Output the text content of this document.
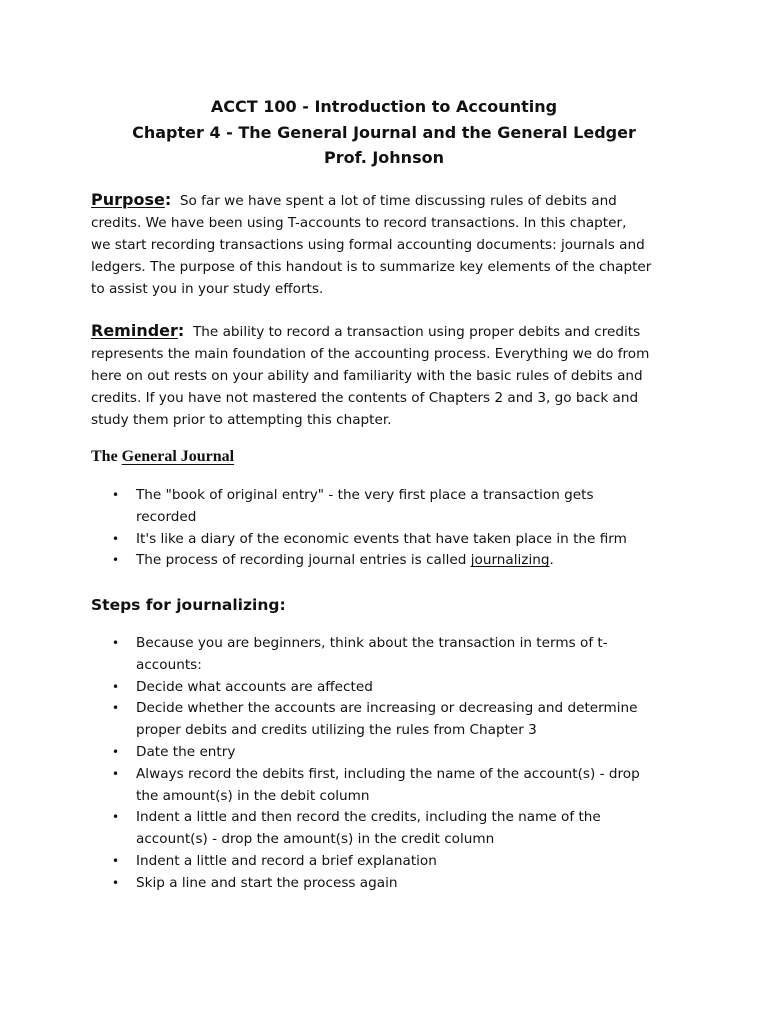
ACCT 100 - Introduction to Accounting
Chapter 4 - The General Journal and the General Ledger
Prof. Johnson
Purpose: So far we have spent a lot of time discussing rules of debits and
credits. We have been using T-accounts to record transactions. In this chapter,
we start recording transactions using formal accounting documents: journals and
ledgers. The purpose of this handout is to summarize key elements of the chapter
to assist you in your study efforts.
Reminder: The ability to record a transaction using proper debits and credits
represents the main foundation of the accounting process. Everything we do from
here on out rests on your ability and familiarity with the basic rules of debits and
credits. If you have not mastered the contents of Chapters 2 and 3, go back and
study them prior to attempting this chapter.
The General Journal
• The "book of original entry" - the very first place a transaction gets
recorded
• It's like a diary of the economic events that have taken place in the firm
• The process of recording journal entries is called journalizing.
Steps for journalizing:
• Because you are beginners, think about the transaction in terms of t-
accounts:
• Decide what accounts are affected
• Decide whether the accounts are increasing or decreasing and determine
proper debits and credits utilizing the rules from Chapter 3
• Date the entry
• Always record the debits first, including the name of the account(s) - drop
the amount(s) in the debit column
• Indent a little and then record the credits, including the name of the
account(s) - drop the amount(s) in the credit column
• Indent a little and record a brief explanation
• Skip a line and start the process again
